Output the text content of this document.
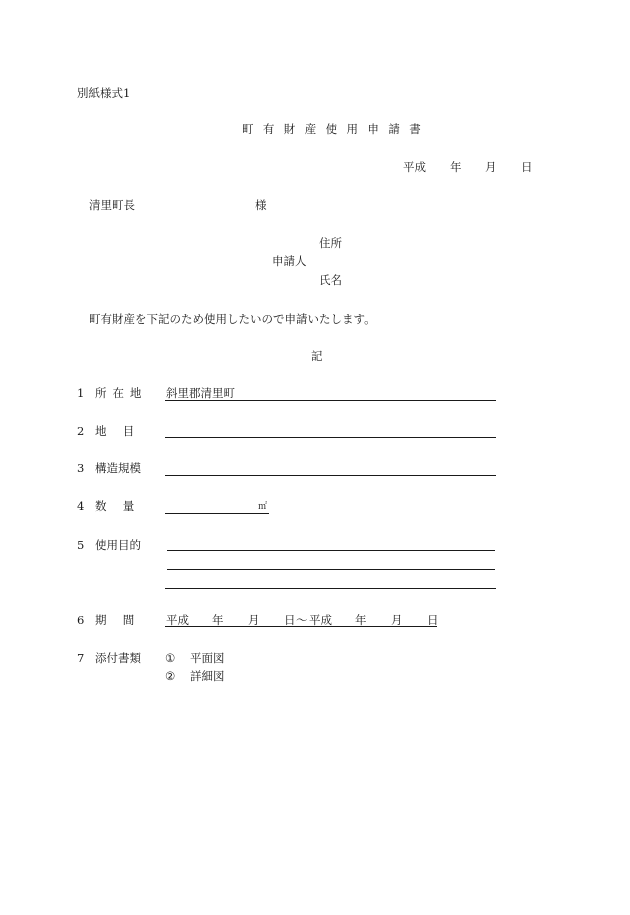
別紙様式1
町 有 財 産 使 用 申 請 書
平成 年 月 日
清里町長	様
住所
申請人
氏名
町有財産を下記のため使用したいので申請いたします。
記
1 所 在 地 斜里郡清里町
2 地 目
3 構造規模
4 数 量	㎡
5 使用目的
6 期 間 平成 年 月 日 〜 平成 年 月 日
7 添付書類 ① 平面図
② 詳細図
